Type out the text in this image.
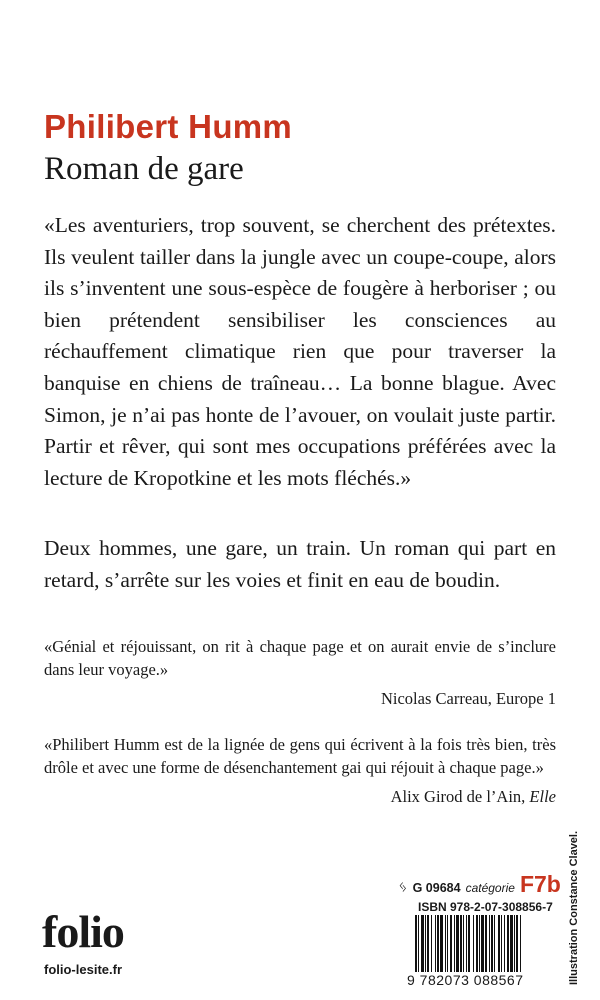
Philibert Humm
Roman de gare

«Les aventuriers, trop souvent, se cherchent des prétextes. Ils veulent tailler dans la jungle avec un coupe-coupe, alors ils s’inventent une sous-espèce de fougère à herboriser ; ou bien prétendent sensibiliser les consciences au réchauffement climatique rien que pour traverser la banquise en chiens de traîneau… La bonne blague. Avec Simon, je n’ai pas honte de l’avouer, on voulait juste partir. Partir et rêver, qui sont mes occupations préférées avec la lecture de Kropotkine et les mots fléchés.»

Deux hommes, une gare, un train. Un roman qui part en retard, s’arrête sur les voies et finit en eau de boudin.

«Génial et réjouissant, on rit à chaque page et on aurait envie de s’inclure dans leur voyage.»

Nicolas Carreau, Europe 1

«Philibert Humm est de la lignée de gens qui écrivent à la fois très bien, très drôle et avec une forme de désenchantement gai qui réjouit à chaque page.»

Alix Girod de l’Ain, Elle

ᛃ G 09684 catégorie F7b
ISBN 978-2-07-308856-7
9 782073 088567
folio
folio-lesite.fr	Illustration Constance Clavel.
